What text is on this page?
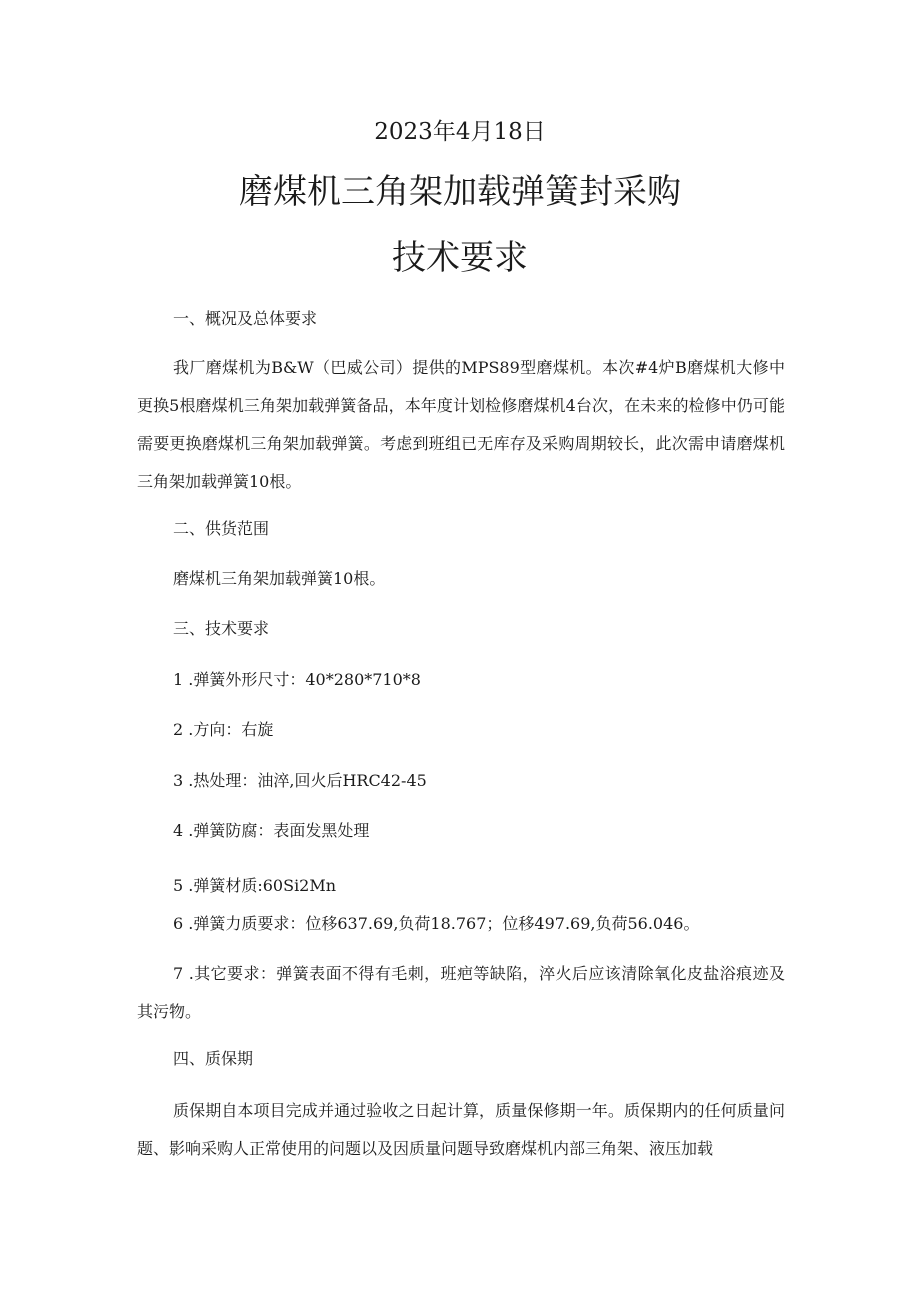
2023年4月18日
磨煤机三角架加载弹簧封采购
技术要求
一、概况及总体要求
我厂磨煤机为B&W（巴威公司）提供的MPS89型磨煤机。本次#4炉B磨煤机大修中更换5根磨煤机三角架加载弹簧备品，本年度计划检修磨煤机4台次，在未来的检修中仍可能需要更换磨煤机三角架加载弹簧。考虑到班组已无库存及采购周期较长，此次需申请磨煤机三角架加载弹簧10根。
二、供货范围
磨煤机三角架加载弹簧10根。
三、技术要求
1 .弹簧外形尺寸：40*280*710*8
2 .方向：右旋
3 .热处理：油淬,回火后HRC42-45
4 .弹簧防腐：表面发黑处理
5 .弹簧材质:60Si2Mn
6 .弹簧力质要求：位移637.69,负荷18.767；位移497.69,负荷56.046。
7 .其它要求：弹簧表面不得有毛刺，班疤等缺陷，淬火后应该清除氧化皮盐浴痕迹及其污物。
四、质保期
质保期自本项目完成并通过验收之日起计算，质量保修期一年。质保期内的任何质量问题、影响采购人正常使用的问题以及因质量问题导致磨煤机内部三角架、液压加载
